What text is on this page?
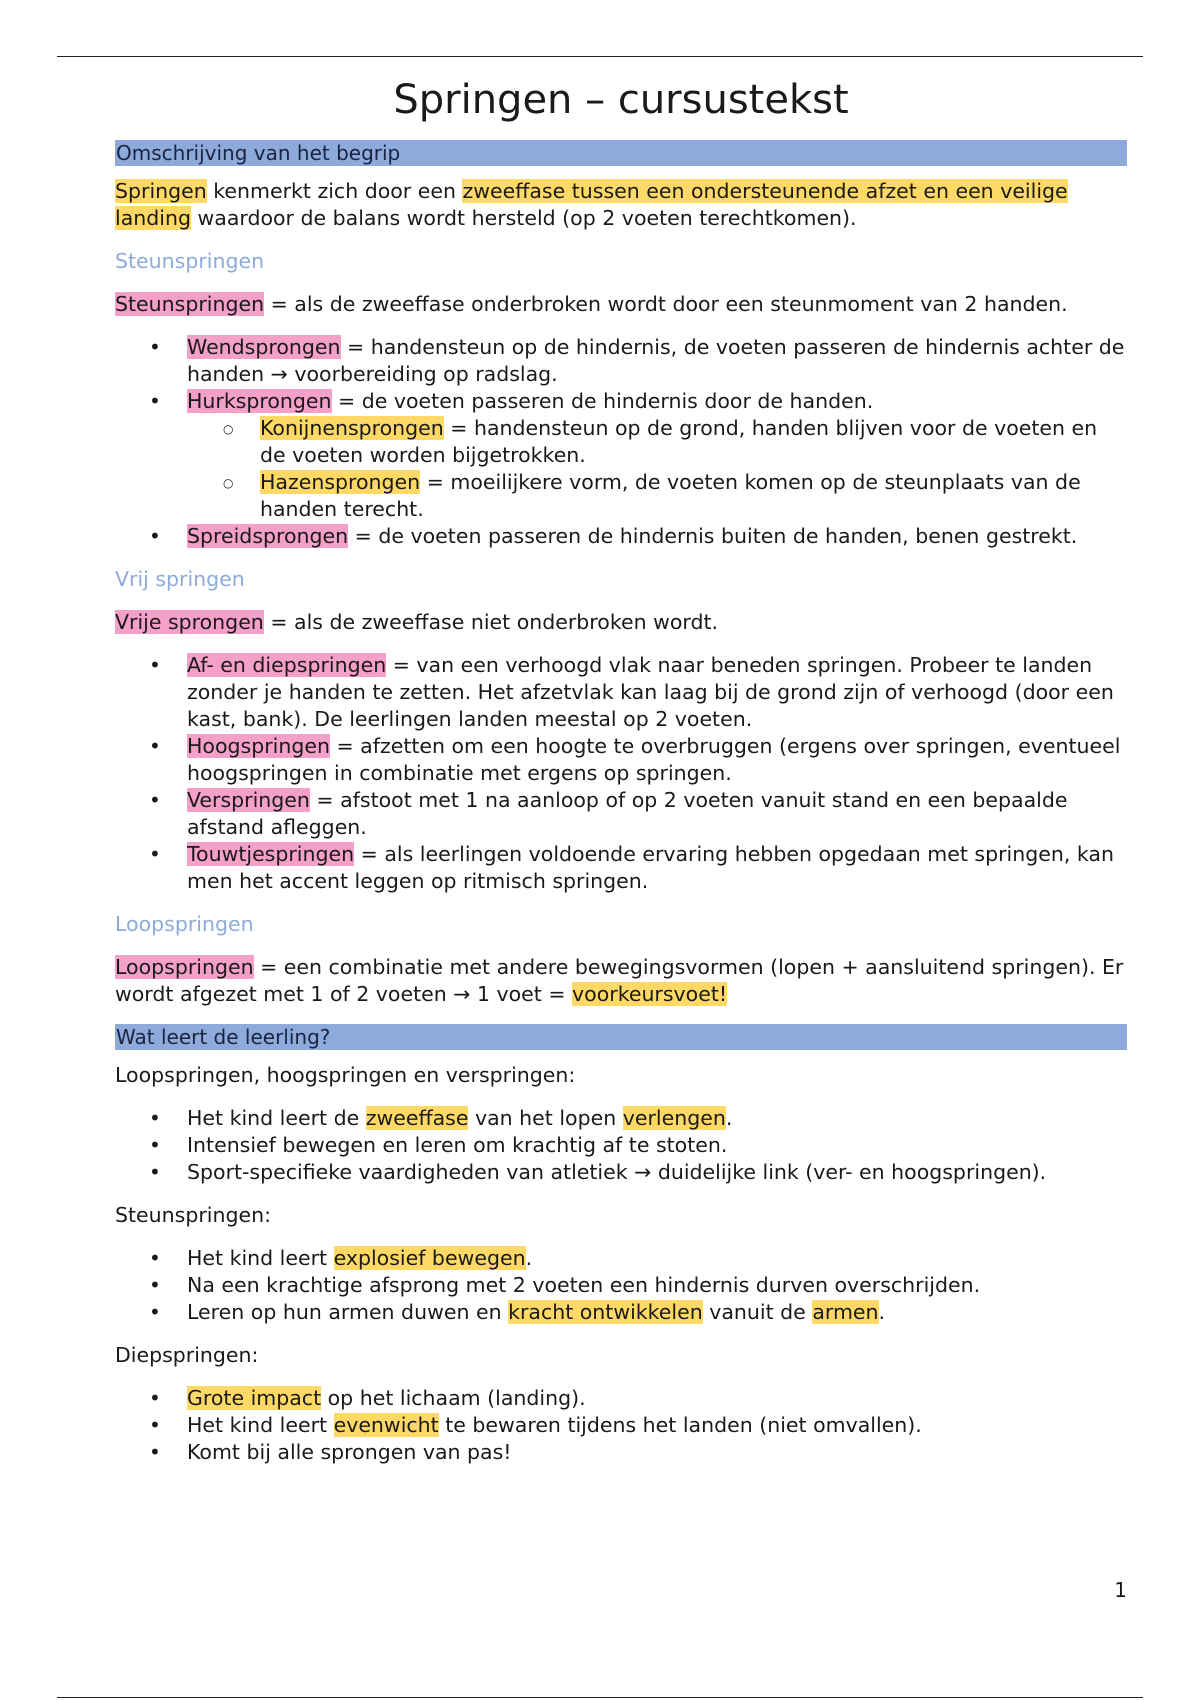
Springen – cursustekst
Omschrijving van het begrip

Springen kenmerkt zich door een zweeffase tussen een ondersteunende afzet en een veilige landing waardoor de balans wordt hersteld (op 2 voeten terechtkomen).

Steunspringen

Steunspringen = als de zweeffase onderbroken wordt door een steunmoment van 2 handen.

• Wendsprongen = handensteun op de hindernis, de voeten passeren de hindernis achter de handen → voorbereiding op radslag.
• Hurksprongen = de voeten passeren de hindernis door de handen.
○ Konijnensprongen = handensteun op de grond, handen blijven voor de voeten en de voeten worden bijgetrokken.
○ Hazensprongen = moeilijkere vorm, de voeten komen op de steunplaats van de handen terecht.
• Spreidsprongen = de voeten passeren de hindernis buiten de handen, benen gestrekt.
Vrij springen

Vrije sprongen = als de zweeffase niet onderbroken wordt.

• Af- en diepspringen = van een verhoogd vlak naar beneden springen. Probeer te landen zonder je handen te zetten. Het afzetvlak kan laag bij de grond zijn of verhoogd (door een kast, bank). De leerlingen landen meestal op 2 voeten.
• Hoogspringen = afzetten om een hoogte te overbruggen (ergens over springen, eventueel hoogspringen in combinatie met ergens op springen.
• Verspringen = afstoot met 1 na aanloop of op 2 voeten vanuit stand en een bepaalde afstand afleggen.
• Touwtjespringen = als leerlingen voldoende ervaring hebben opgedaan met springen, kan men het accent leggen op ritmisch springen.
Loopspringen

Loopspringen = een combinatie met andere bewegingsvormen (lopen + aansluitend springen). Er wordt afgezet met 1 of 2 voeten → 1 voet = voorkeursvoet!

Wat leert de leerling?

Loopspringen, hoogspringen en verspringen:

• Het kind leert de zweeffase van het lopen verlengen.
• Intensief bewegen en leren om krachtig af te stoten.
• Sport-specifieke vaardigheden van atletiek → duidelijke link (ver- en hoogspringen).

Steunspringen:

• Het kind leert explosief bewegen.
• Na een krachtige afsprong met 2 voeten een hindernis durven overschrijden.
• Leren op hun armen duwen en kracht ontwikkelen vanuit de armen.

Diepspringen:

• Grote impact op het lichaam (landing).
• Het kind leert evenwicht te bewaren tijdens het landen (niet omvallen).
• Komt bij alle sprongen van pas!
1
